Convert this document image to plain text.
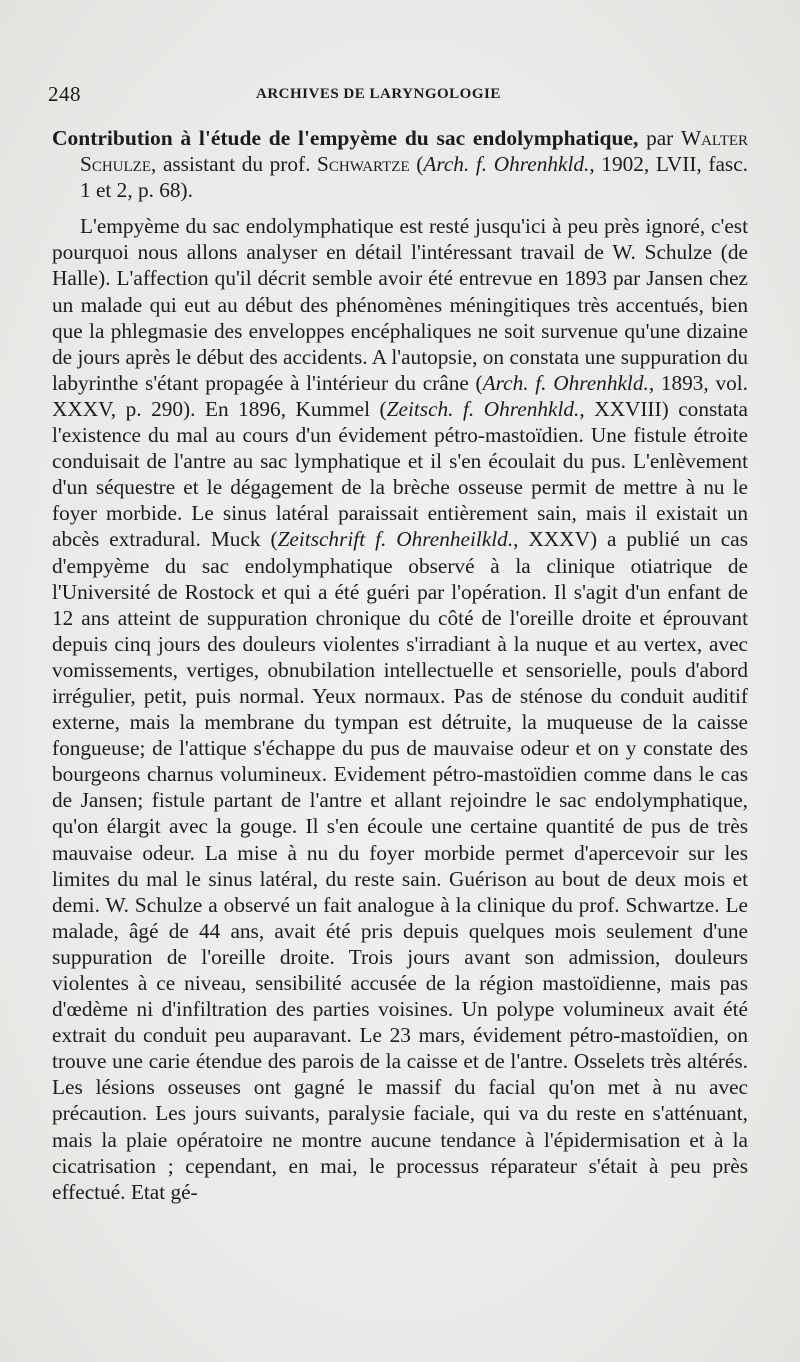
248	ARCHIVES DE LARYNGOLOGIE

Contribution à l'étude de l'empyème du sac endolymphatique, par Walter Schulze, assistant du prof. Schwartze (Arch. f. Ohrenhkld., 1902, LVII, fasc. 1 et 2, p. 68).

L'empyème du sac endolymphatique est resté jusqu'ici à peu près ignoré, c'est pourquoi nous allons analyser en détail l'intéressant travail de W. Schulze (de Halle). L'affection qu'il décrit semble avoir été entrevue en 1893 par Jansen chez un malade qui eut au début des phénomènes méningitiques très accentués, bien que la phlegmasie des enveloppes encéphaliques ne soit survenue qu'une dizaine de jours après le début des accidents. A l'autopsie, on constata une suppuration du labyrinthe s'étant propagée à l'intérieur du crâne (Arch. f. Ohrenhkld., 1893, vol. XXXV, p. 290). En 1896, Kummel (Zeitsch. f. Ohrenhkld., XXVIII) constata l'existence du mal au cours d'un évidement pétro-mastoïdien. Une fistule étroite conduisait de l'antre au sac lymphatique et il s'en écoulait du pus. L'enlèvement d'un séquestre et le dégagement de la brèche osseuse permit de mettre à nu le foyer morbide. Le sinus latéral paraissait entièrement sain, mais il existait un abcès extradural. Muck (Zeitschrift f. Ohrenheilkld., XXXV) a publié un cas d'empyème du sac endolymphatique observé à la clinique otiatrique de l'Université de Rostock et qui a été guéri par l'opération. Il s'agit d'un enfant de 12 ans atteint de suppuration chronique du côté de l'oreille droite et éprouvant depuis cinq jours des douleurs violentes s'irradiant à la nuque et au vertex, avec vomissements, vertiges, obnubilation intellectuelle et sensorielle, pouls d'abord irrégulier, petit, puis normal. Yeux normaux. Pas de sténose du conduit auditif externe, mais la membrane du tympan est détruite, la muqueuse de la caisse fongueuse; de l'attique s'échappe du pus de mauvaise odeur et on y constate des bourgeons charnus volumineux. Evidement pétro-mastoïdien comme dans le cas de Jansen; fistule partant de l'antre et allant rejoindre le sac endolymphatique, qu'on élargit avec la gouge. Il s'en écoule une certaine quantité de pus de très mauvaise odeur. La mise à nu du foyer morbide permet d'apercevoir sur les limites du mal le sinus latéral, du reste sain. Guérison au bout de deux mois et demi. W. Schulze a observé un fait analogue à la clinique du prof. Schwartze. Le malade, âgé de 44 ans, avait été pris depuis quelques mois seulement d'une suppuration de l'oreille droite. Trois jours avant son admission, douleurs violentes à ce niveau, sensibilité accusée de la région mastoïdienne, mais pas d'œdème ni d'infiltration des parties voisines. Un polype volumineux avait été extrait du conduit peu auparavant. Le 23 mars, évidement pétro-mastoïdien, on trouve une carie étendue des parois de la caisse et de l'antre. Osselets très altérés. Les lésions osseuses ont gagné le massif du facial qu'on met à nu avec précaution. Les jours suivants, paralysie faciale, qui va du reste en s'atténuant, mais la plaie opératoire ne montre aucune tendance à l'épidermisation et à la cicatrisation ; cependant, en mai, le processus réparateur s'était à peu près effectué. Etat gé-
